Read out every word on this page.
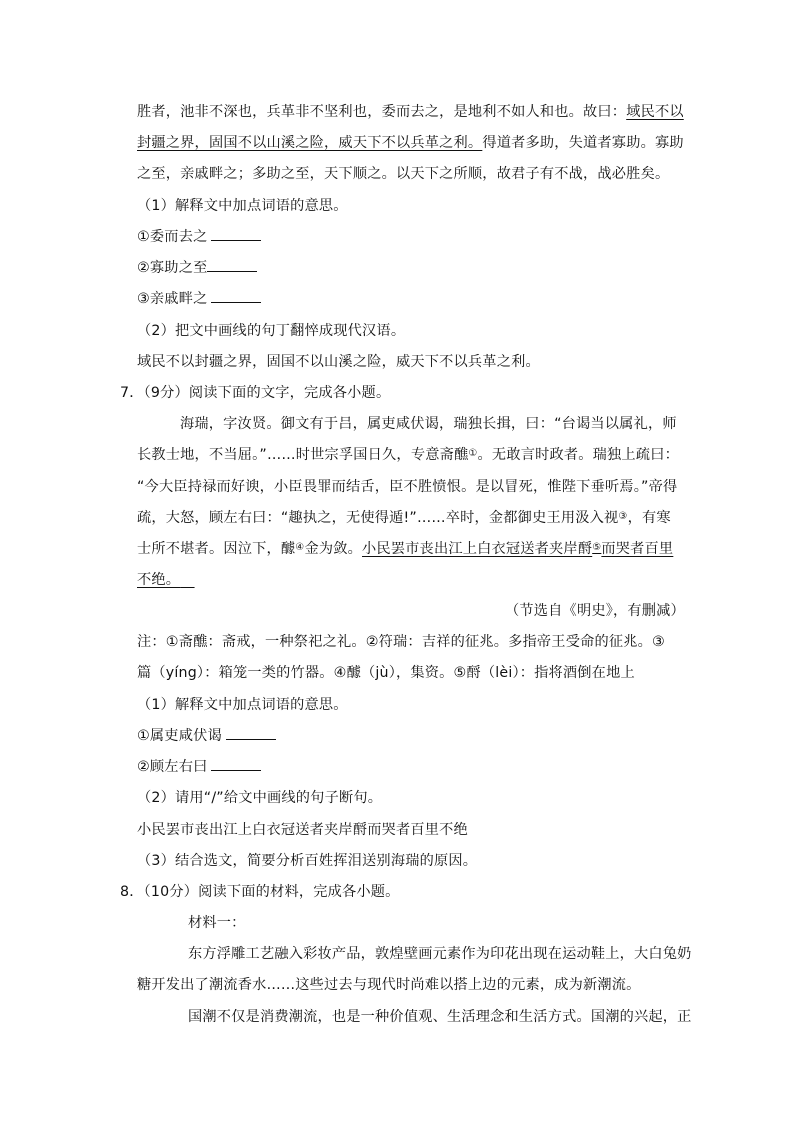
胜者，池非不深也，兵革非不坚利也，委而去之，是地利不如人和也。故曰：域民不以
封疆之界，固国不以山溪之险，威天下不以兵革之利。得道者多助，失道者寡助。寡助
之至，亲戚畔之；多助之至，天下顺之。以天下之所顺，故君子有不战，战必胜矣。
（1）解释文中加点词语的意思。
①委而去之
②寡助之至
③亲戚畔之
（2）把文中画线的句丁翻悴成现代汉语。
域民不以封疆之界，固国不以山溪之险，威天下不以兵革之利。
7．（9分）阅读下面的文字，完成各小题。
海瑞，字汝贤。御文有于吕，属吏咸伏谒，瑞独长揖，曰：“台谒当以属礼，师
长教士地，不当屈。”……时世宗孚国日久，专意斋醮①。无敢言时政者。瑞独上疏曰：
“今大臣持禄而好谀，小臣畏罪而结舌，臣不胜愤恨。是以冒死，惟陛下垂听焉。”帝得
疏，大怒，顾左右曰：“趣执之，无使得遁!”……卒时，金都御史王用汲入视③，有寒
士所不堪者。因泣下，醵④金为敛。小民罢市丧出江上白衣冠送者夹岸酹⑤而哭者百里
不绝。 
（节选自《明史》，有删减）
注：①斋醮：斋戒，一种祭祀之礼。②符瑞：吉祥的征兆。多指帝王受命的征兆。③
篇（yíng）：箱笼一类的竹器。④醵（jù），集资。⑤酹（lèi）：指将酒倒在地上
（1）解释文中加点词语的意思。
①属吏咸伏谒
②顾左右曰
（2）请用“/”给文中画线的句子断句。
小民罢市丧出江上白衣冠送者夹岸酹而哭者百里不绝
（3）结合选文，简要分析百姓挥泪送别海瑞的原因。
8．（10分）阅读下面的材料，完成各小题。
材料一：
东方浮雕工艺融入彩妆产品，敦煌壁画元素作为印花出现在运动鞋上，大白兔奶
糖开发出了潮流香水……这些过去与现代时尚难以搭上边的元素，成为新潮流。
国潮不仅是消费潮流，也是一种价值观、生活理念和生活方式。国潮的兴起，正
